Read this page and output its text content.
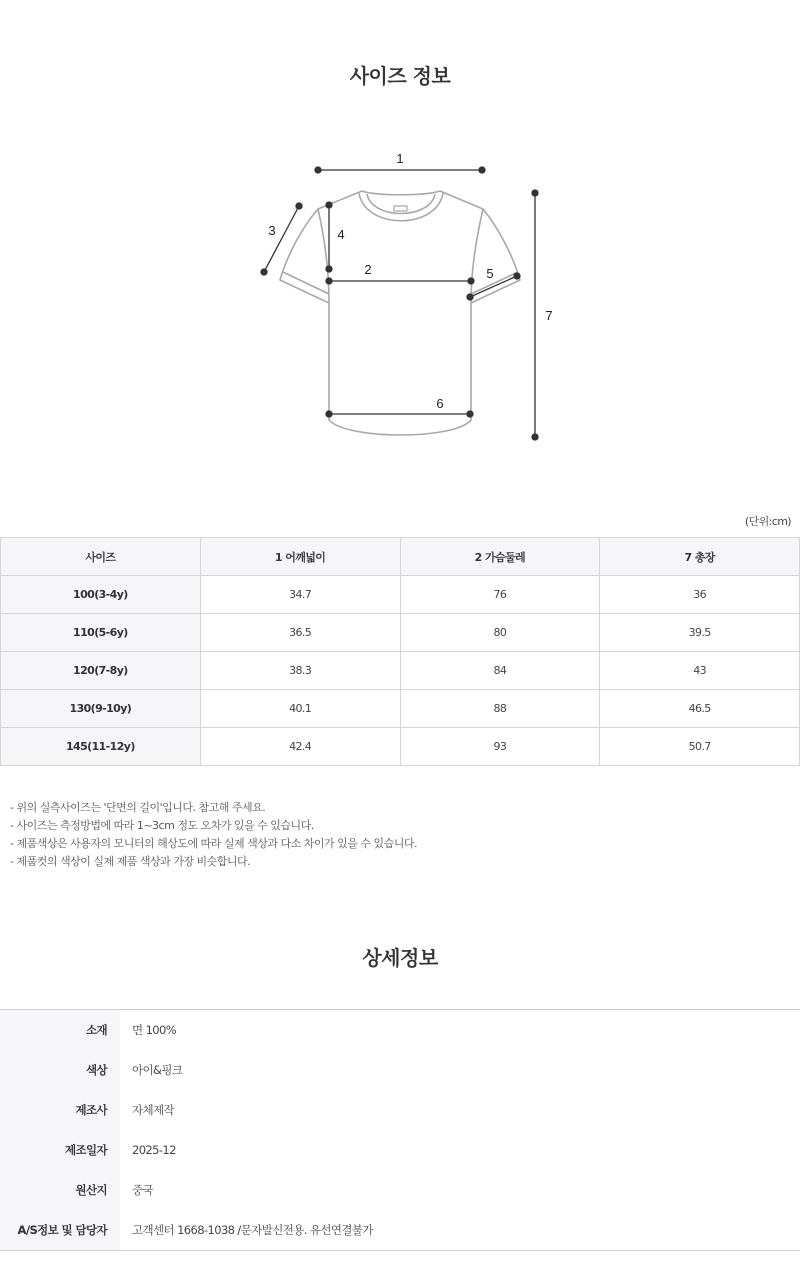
사이즈 정보
1
2
3	4
5
6
7
(단위:cm)
사이즈	1 어깨넓이	2 가슴둘레	7 총장
100(3-4y)	34.7	76	36
110(5-6y)	36.5	80	39.5
120(7-8y)	38.3	84	43
130(9-10y)	40.1	88	46.5
145(11-12y)	42.4	93	50.7
- 위의 실측사이즈는 '단면의 길이'입니다. 참고해 주세요.
- 사이즈는 측정방법에 따라 1~3cm 정도 오차가 있을 수 있습니다.
- 제품색상은 사용자의 모니터의 해상도에 따라 실제 색상과 다소 차이가 있을 수 있습니다.
- 제품컷의 색상이 실제 제품 색상과 가장 비슷합니다.
상세정보
소재	면 100%
색상	아이&핑크
제조사	자체제작
제조일자	2025-12
원산지	중국
A/S정보 및 담당자	고객센터 1668-1038 /문자발신전용. 유선연결불가
